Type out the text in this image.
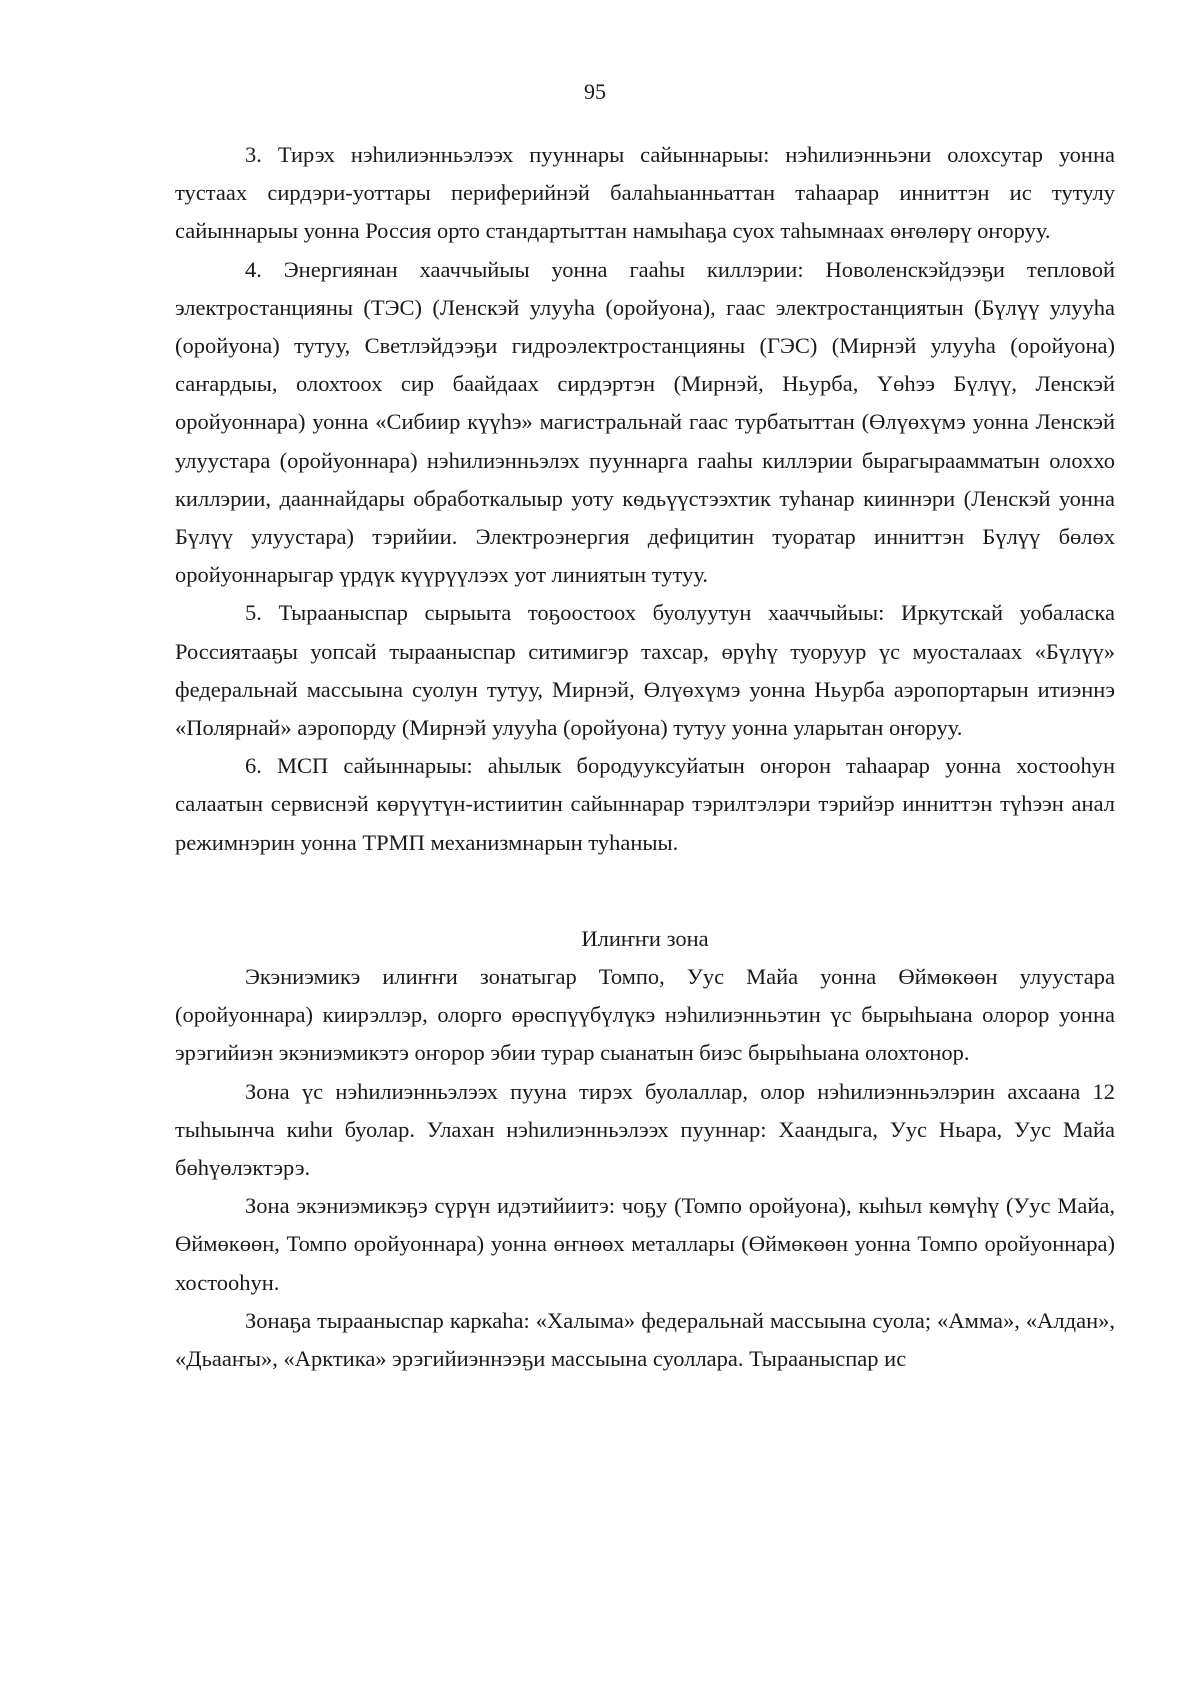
95

3. Тирэх нэһилиэнньэлээх пууннары сайыннарыы: нэһилиэнньэни олохсутар уонна тустаах сирдэри-уоттары периферийнэй балаһыанньаттан таһаарар инниттэн ис тутулу сайыннарыы уонна Россия орто стандартыттан намыһаҕа суох таһымнаах өҥөлөрү оҥоруу.

4. Энергиянан хааччыйыы уонна гааһы киллэрии: Новоленскэйдээҕи тепловой электростанцияны (ТЭС) (Ленскэй улууһа (оройуона), гаас электростанциятын (Бүлүү улууһа (оройуона) тутуу, Светлэйдээҕи гидроэлектростанцияны (ГЭС) (Мирнэй улууһа (оройуона) саҥардыы, олохтоох сир баайдаах сирдэртэн (Мирнэй, Ньурба, Үөһээ Бүлүү, Ленскэй оройуоннара) уонна «Сибиир күүһэ» магистральнай гаас турбатыттан (Өлүөхүмэ уонна Ленскэй улуустара (оройуоннара) нэһилиэнньэлэх пууннарга гааһы киллэрии бырагыраамматын олоххо киллэрии, дааннайдары обработкалыыр уоту кѳдьүүстээхтик туһанар кииннэри (Ленскэй уонна Бүлүү улуустара) тэрийии. Электроэнергия дефицитин туоратар инниттэн Бүлүү бөлөх оройуоннарыгар үрдүк күүрүүлээх уот линиятын тутуу.

5. Тырааныспар сырыыта тоҕоостоох буолуутун хааччыйыы: Иркутскай уобаласка Россиятааҕы уопсай тырааныспар ситимигэр тахсар, өрүһү туоруур үс муосталаах «Бүлүү» федеральнай массыына суолун тутуу, Мирнэй, Өлүөхүмэ уонна Ньурба аэропортарын итиэннэ «Полярнай» аэропорду (Мирнэй улууһа (оройуона) тутуу уонна уларытан оҥоруу.

6. МСП сайыннарыы: аһылык бородууксуйатын оҥорон таһаарар уонна хостооһун салаатын сервиснэй көрүүтүн-истиитин сайыннарар тэрилтэлэри тэрийэр инниттэн түһээн анал режимнэрин уонна ТРМП механизмнарын туһаныы.

Илиҥҥи зона

Экэниэмикэ илиҥҥи зонатыгар Томпо, Уус Майа уонна Өймөкөөн улуустара (оройуоннара) киирэллэр, олорго өрөспүүбүлүкэ нэһилиэнньэтин үс бырыһыана олорор уонна эрэгийиэн экэниэмикэтэ оҥорор эбии турар сыанатын биэс бырыһыана олохтонор.

Зона үс нэһилиэнньэлээх пууна тирэх буолаллар, олор нэһилиэнньэлэрин ахсаана 12 тыһыынча киһи буолар. Улахан нэһилиэнньэлээх пууннар: Хаандыга, Уус Ньара, Уус Майа бөһүөлэктэрэ.

Зона экэниэмикэҕэ сүрүн идэтийиитэ: чоҕу (Томпо оройуона), кыһыл көмүһү (Уус Майа, Өймөкөөн, Томпо оройуоннара) уонна өҥнөөх металлары (Өймөкөөн уонна Томпо оройуоннара) хостооһун.

Зонаҕа тырааныспар каркаһа: «Халыма» федеральнай массыына суола; «Амма», «Алдан», «Дьааҥы», «Арктика» эрэгийиэннээҕи массыына суоллара. Тырааныспар ис
